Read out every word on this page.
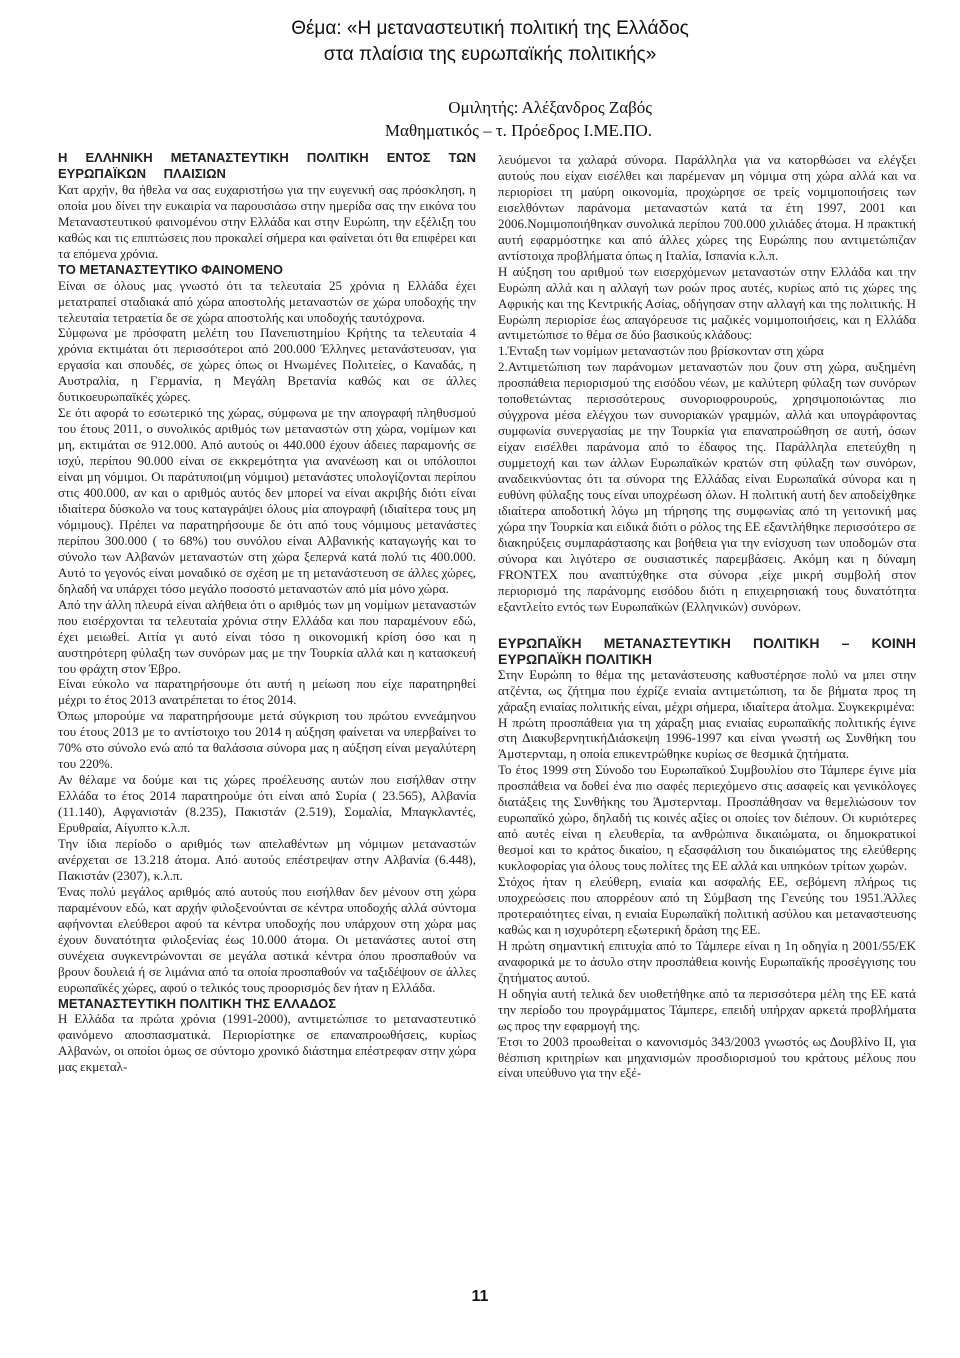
Θέμα: «Η μεταναστευτική πολιτική της Ελλάδος
στα πλαίσια της ευρωπαϊκής πολιτικής»
Ομιλητής: Αλέξανδρος Ζαβός
Μαθηματικός – τ. Πρόεδρος Ι.ΜΕ.ΠΟ.

Η ΕΛΛΗΝΙΚΗ ΜΕΤΑΝΑΣΤΕΥΤΙΚΗ ΠΟΛΙΤΙΚΗ ΕΝΤΟΣ ΤΩΝ ΕΥΡΩΠΑΪΚΩΝ ΠΛΑΙΣΙΩΝ

Κατ αρχήν, θα ήθελα να σας ευχαριστήσω για την ευγενική σας πρόσκληση, η οποία μου δίνει την ευκαιρία να παρουσιάσω στην ημερίδα σας την εικόνα του Μεταναστευτικού φαινομένου στην Ελλάδα και στην Ευρώπη, την εξέλιξη του καθώς και τις επιπτώσεις που προκαλεί σήμερα και φαίνεται ότι θα επιφέρει και τα επόμενα χρόνια.

ΤΟ ΜΕΤΑΝΑΣΤΕΥΤΙΚΟ ΦΑΙΝΟΜΕΝΟ

Είναι σε όλους μας γνωστό ότι τα τελευταία 25 χρόνια η Ελλάδα έχει μετατραπεί σταδιακά από χώρα αποστολής μεταναστών σε χώρα υποδοχής την τελευταία τετραετία δε σε χώρα αποστολής και υποδοχής ταυτόχρονα.

Σύμφωνα με πρόσφατη μελέτη του Πανεπιστημίου Κρήτης τα τελευταία 4 χρόνια εκτιμάται ότι περισσότεροι από 200.000 Έλληνες μετανάστευσαν, για εργασία και σπουδές, σε χώρες όπως οι Ηνωμένες Πολιτείες, ο Καναδάς, η Αυστραλία, η Γερμανία, η Μεγάλη Βρετανία καθώς και σε άλλες δυτικοευρωπαϊκές χώρες.

Σε ότι αφορά το εσωτερικό της χώρας, σύμφωνα με την απογραφή πληθυσμού του έτους 2011, ο συνολικός αριθμός των μεταναστών στη χώρα, νομίμων και μη, εκτιμάται σε 912.000. Από αυτούς οι 440.000 έχουν άδειες παραμονής σε ισχύ, περίπου 90.000 είναι σε εκκρεμότητα για ανανέωση και οι υπόλοιποι είναι μη νόμιμοι. Οι παράτυποι(μη νόμιμοι) μετανάστες υπολογίζονται περίπου στις 400.000, αν και ο αριθμός αυτός δεν μπορεί να είναι ακριβής διότι είναι ιδιαίτερα δύσκολο να τους καταγράψει όλους μία απογραφή (ιδιαίτερα τους μη νόμιμους). Πρέπει να παρατηρήσουμε δε ότι από τους νόμιμους μετανάστες περίπου 300.000 ( το 68%) του συνόλου είναι Αλβανικής καταγωγής και το σύνολο των Αλβανών μεταναστών στη χώρα ξεπερνά κατά πολύ τις 400.000. Αυτό το γεγονός είναι μοναδικό σε σχέση με τη μετανάστευση σε άλλες χώρες, δηλαδή να υπάρχει τόσο μεγάλο ποσοστό μεταναστών από μία μόνο χώρα.

Από την άλλη πλευρά είναι αλήθεια ότι ο αριθμός των μη νομίμων μεταναστών που εισέρχονται τα τελευταία χρόνια στην Ελλάδα και που παραμένουν εδώ, έχει μειωθεί. Αιτία γι αυτό είναι τόσο η οικονομική κρίση όσο και η αυστηρότερη φύλαξη των συνόρων μας με την Τουρκία αλλά και η κατασκευή του φράχτη στον Έβρο.

Είναι εύκολο να παρατηρήσουμε ότι αυτή η μείωση που είχε παρατηρηθεί μέχρι το έτος 2013 ανατρέπεται το έτος 2014.

Όπως μπορούμε να παρατηρήσουμε μετά σύγκριση του πρώτου εννεάμηνου του έτους 2013 με το αντίστοιχο του 2014 η αύξηση φαίνεται να υπερβαίνει το 70% στο σύνολο ενώ από τα θαλάσσια σύνορα μας η αύξηση είναι μεγαλύτερη του 220%.

Αν θέλαμε να δούμε και τις χώρες προέλευσης αυτών που εισήλθαν στην Ελλάδα το έτος 2014 παρατηρούμε ότι είναι από Συρία ( 23.565), Αλβανία (11.140), Αφγανιστάν (8.235), Πακιστάν (2.519), Σομαλία, Μπαγκλαντές, Ερυθραία, Αίγυπτο κ.λ.π.

Την ίδια περίοδο ο αριθμός των απελαθέντων μη νόμιμων μεταναστών ανέρχεται σε 13.218 άτομα. Από αυτούς επέστρεψαν στην Αλβανία (6.448), Πακιστάν (2307), κ.λ.π.

Ένας πολύ μεγάλος αριθμός από αυτούς που εισήλθαν δεν μένουν στη χώρα παραμένουν εδώ, κατ αρχήν φιλοξενούνται σε κέντρα υποδοχής αλλά σύντομα αφήνονται ελεύθεροι αφού τα κέντρα υποδοχής που υπάρχουν στη χώρα μας έχουν δυνατότητα φιλοξενίας έως 10.000 άτομα. Οι μετανάστες αυτοί στη συνέχεια συγκεντρώνονται σε μεγάλα αστικά κέντρα όπου προσπαθούν να βρουν δουλειά ή σε λιμάνια από τα οποία προσπαθούν να ταξιδέψουν σε άλλες ευρωπαϊκές χώρες, αφού ο τελικός τους προορισμός δεν ήταν η Ελλάδα.

ΜΕΤΑΝΑΣΤΕΥΤΙΚΗ ΠΟΛΙΤΙΚΗ ΤΗΣ ΕΛΛΑΔΟΣ

Η Ελλάδα τα πρώτα χρόνια (1991-2000), αντιμετώπισε το μεταναστευτικό φαινόμενο αποσπασματικά. Περιορίστηκε σε επαναπροωθήσεις, κυρίως Αλβανών, οι οποίοι όμως σε σύντομο χρονικό διάστημα επέστρεφαν στην χώρα μας εκμεταλ-

λευόμενοι τα χαλαρά σύνορα. Παράλληλα για να κατορθώσει να ελέγξει αυτούς που είχαν εισέλθει και παρέμεναν μη νόμιμα στη χώρα αλλά και να περιορίσει τη μαύρη οικονομία, προχώρησε σε τρείς νομιμοποιήσεις των εισελθόντων παράνομα μεταναστών κατά τα έτη 1997, 2001 και 2006.Νομιμοποιήθηκαν συνολικά περίπου 700.000 χιλιάδες άτομα. Η πρακτική αυτή εφαρμόστηκε και από άλλες χώρες της Ευρώπης που αντιμετώπιζαν αντίστοιχα προβλήματα όπως η Ιταλία, Ισπανία κ.λ.π.

Η αύξηση του αριθμού των εισερχόμενων μεταναστών στην Ελλάδα και την Ευρώπη αλλά και η αλλαγή των ροών προς αυτές, κυρίως από τις χώρες της Αφρικής και της Κεντρικής Ασίας, οδήγησαν στην αλλαγή και της πολιτικής. Η Ευρώπη περιορίσε έως απαγόρευσε τις μαζικές νομιμοποιήσεις, και η Ελλάδα αντιμετώπισε το θέμα σε δύο βασικούς κλάδους:

1.Ένταξη των νομίμων μεταναστών που βρίσκονταν στη χώρα

2.Αντιμετώπιση των παράνομων μεταναστών που ζουν στη χώρα, αυξημένη προσπάθεια περιορισμού της εισόδου νέων, με καλύτερη φύλαξη των συνόρων τοποθετώντας περισσότερους συνοριοφρουρούς, χρησιμοποιώντας πιο σύγχρονα μέσα ελέγχου των συνοριακών γραμμών, αλλά και υπογράφοντας συμφωνία συνεργασίας με την Τουρκία για επαναπροώθηση σε αυτή, όσων είχαν εισέλθει παράνομα από το έδαφος της. Παράλληλα επετεύχθη η συμμετοχή και των άλλων Ευρωπαϊκών κρατών στη φύλαξη των συνόρων, αναδεικνύοντας ότι τα σύνορα της Ελλάδας είναι Ευρωπαϊκά σύνορα και η ευθύνη φύλαξης τους είναι υποχρέωση όλων. Η πολιτική αυτή δεν αποδείχθηκε ιδιαίτερα αποδοτική λόγω μη τήρησης της συμφωνίας από τη γειτονική μας χώρα την Τουρκία και ειδικά διότι ο ρόλος της ΕΕ εξαντλήθηκε περισσότερο σε διακηρύξεις συμπαράστασης και βοήθεια για την ενίσχυση των υποδομών στα σύνορα και λιγότερο σε ουσιαστικές παρεμβάσεις. Ακόμη και η δύναμη FRONTEX που αναπτύχθηκε στα σύνορα ,είχε μικρή συμβολή στον περιορισμό της παράνομης εισόδου διότι η επιχειρησιακή τους δυνατότητα εξαντλείτο εντός των Ευρωπαϊκών (Ελληνικών) συνόρων.

ΕΥΡΩΠΑΪΚΗ ΜΕΤΑΝΑΣΤΕΥΤΙΚΗ ΠΟΛΙΤΙΚΗ – ΚΟΙΝΗ ΕΥΡΩΠΑΪΚΗ ΠΟΛΙΤΙΚΗ

Στην Ευρώπη το θέμα της μετανάστευσης καθυστέρησε πολύ να μπει στην ατζέντα, ως ζήτημα που έχρίζε ενιαία αντιμετώπιση, τα δε βήματα προς τη χάραξη ενιαίας πολιτικής είναι, μέχρι σήμερα, ιδιαίτερα άτολμα. Συγκεκριμένα:

Η πρώτη προσπάθεια για τη χάραξη μιας ενιαίας ευρωπαϊκής πολιτικής έγινε στη ΔιακυβερνητικήΔιάσκεψη 1996-1997 και είναι γνωστή ως Συνθήκη του Άμστερνταμ, η οποία επικεντρώθηκε κυρίως σε θεσμικά ζητήματα.

Το έτος 1999 στη Σύνοδο του Ευρωπαϊκού Συμβουλίου στο Τάμπερε έγινε μία προσπάθεια να δοθεί ένα πιο σαφές περιεχόμενο στις ασαφείς και γενικόλογες διατάξεις της Συνθήκης του Άμστερνταμ. Προσπάθησαν να θεμελιώσουν τον ευρωπαϊκό χώρο, δηλαδή τις κοινές αξίες οι οποίες τον διέπουν. Οι κυριότερες από αυτές είναι η ελευθερία, τα ανθρώπινα δικαιώματα, οι δημοκρατικοί θεσμοί και το κράτος δικαίου, η εξασφάλιση του δικαιώματος της ελεύθερης κυκλοφορίας για όλους τους πολίτες της ΕΕ αλλά και υπηκόων τρίτων χωρών.

Στόχος ήταν η ελεύθερη, ενιαία και ασφαλής ΕΕ, σεβόμενη πλήρως τις υποχρεώσεις που απορρέουν από τη Σύμβαση της Γενεύης του 1951.Άλλες προτεραιότητες είναι, η ενιαία Ευρωπαϊκή πολιτική ασύλου και μεταναστευσης καθώς και η ισχυρότερη εξωτερική δράση της ΕΕ.

Η πρώτη σημαντική επιτυχία από το Τάμπερε είναι η 1η οδηγία η 2001/55/ΕΚ αναφορικά με το άσυλο στην προσπάθεια κοινής Ευρωπαϊκής προσέγγισης του ζητήματος αυτού.

Η οδηγία αυτή τελικά δεν υιοθετήθηκε από τα περισσότερα μέλη της ΕΕ κατά την περίοδο του προγράμματος Τάμπερε, επειδή υπήρχαν αρκετά προβλήματα ως προς την εφαρμογή της.

Έτσι το 2003 προωθείται ο κανονισμός 343/2003 γνωστός ως Δουβλίνο ΙΙ, για θέσπιση κριτηρίων και μηχανισμών προσδιορισμού του κράτους μέλους που είναι υπεύθυνο για την εξέ-

11
